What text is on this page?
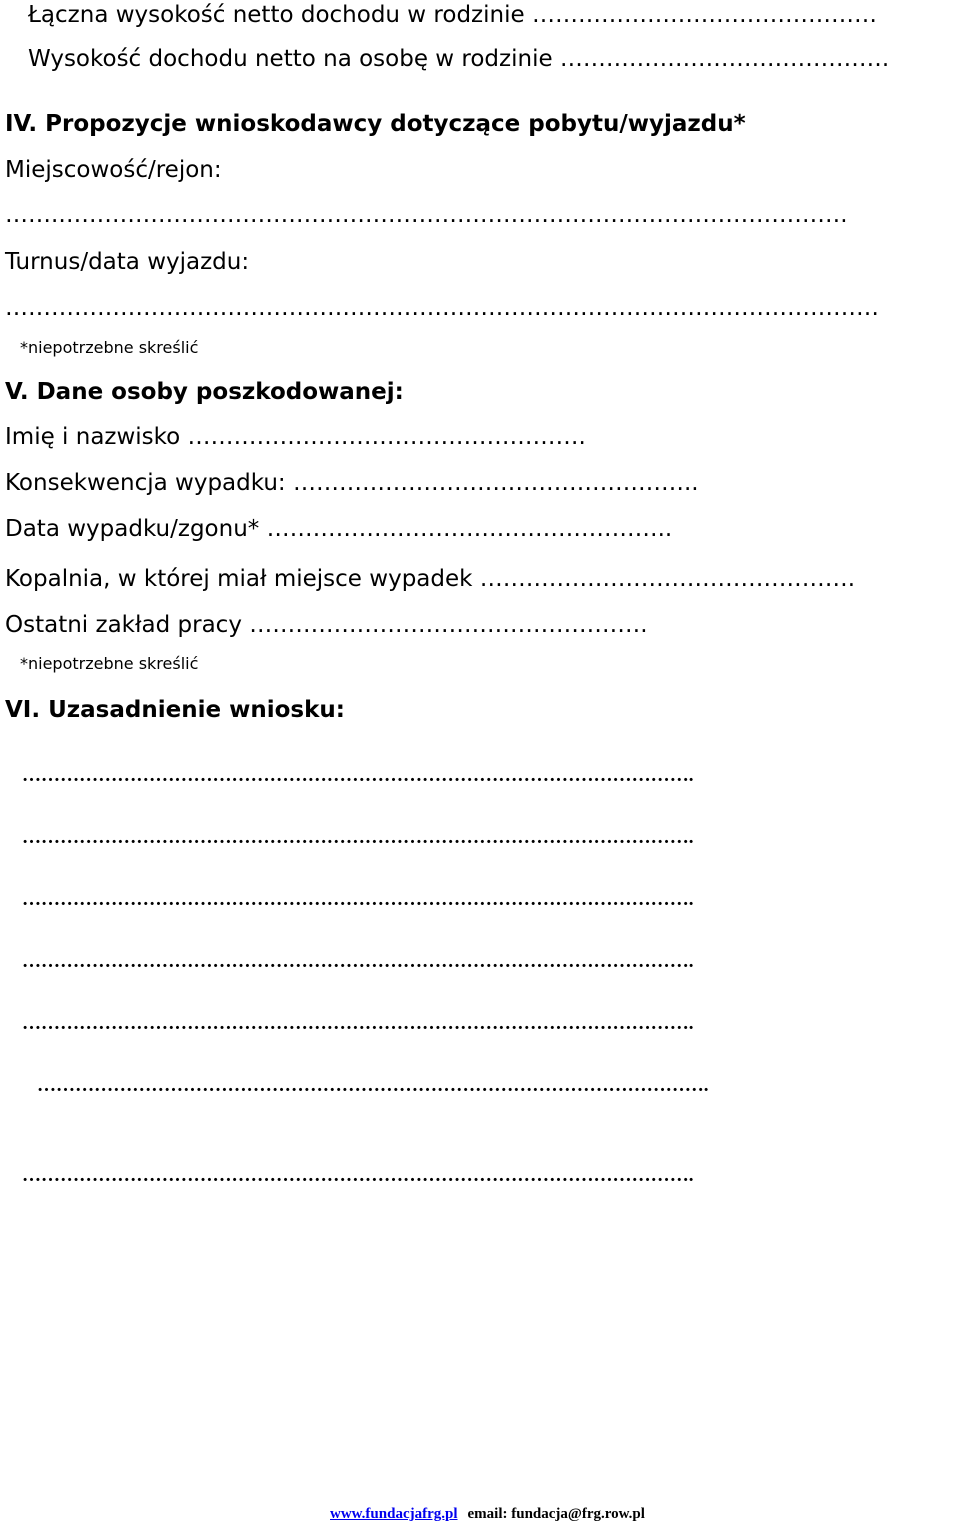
Łączna wysokość netto dochodu w rodzinie ………………………………………
Wysokość dochodu netto na osobę w rodzinie …………………………………….
IV. Propozycje wnioskodawcy dotyczące pobytu/wyjazdu*
Miejscowość/rejon:
…….………………………………………………………………………………………….
Turnus/data wyjazdu:
……………………………………………………………………………………………………
*niepotrzebne skreślić
V. Dane osoby poszkodowanej:
Imię i nazwisko …………………………………………….
Konsekwencja wypadku: ……………………………………………..
Data wypadku/zgonu* ……………………………………………..
Kopalnia, w której miał miejsce wypadek ………………………………………….
Ostatni zakład pracy …………………………………………….
*niepotrzebne skreślić
VI. Uzasadnienie wniosku:
…………………………………………………………………………………………….
…………………………………………………………………………………………….
…………………………………………………………………………………………….
…………………………………………………………………………………………….
…………………………………………………………………………………………….
…………………………………………………………………………………………….
…………………………………………………………………………………………….
www.fundacjafrg.pl email: fundacja@frg.row.pl
